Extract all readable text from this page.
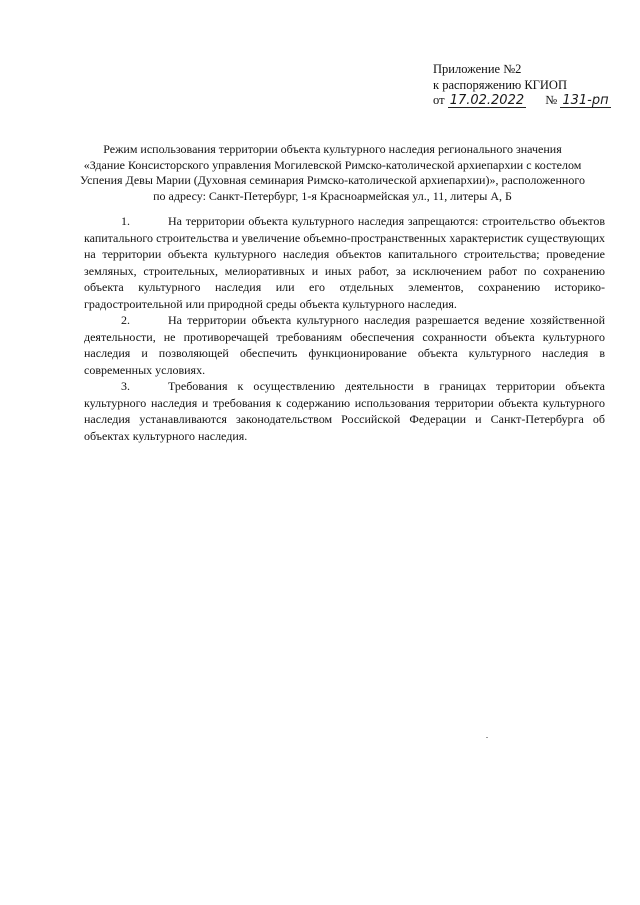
Приложение №2
к распоряжению КГИОП
от 17.02.2022 № 131-рп
Режим использования территории объекта культурного наследия регионального значения
«Здание Консисторского управления Могилевской Римско-католической архиепархии с костелом
Успения Девы Марии (Духовная семинария Римско-католической архиепархии)», расположенного
по адресу: Санкт-Петербург, 1-я Красноармейская ул., 11, литеры А, Б

1.	На территории объекта культурного наследия запрещаются: строительство объектов капитального строительства и увеличение объемно-пространственных характеристик существующих на территории объекта культурного наследия объектов капитального строительства; проведение земляных, строительных, мелиоративных и иных работ, за исключением работ по сохранению объекта культурного наследия или его отдельных элементов, сохранению историко-градостроительной или природной среды объекта культурного наследия.

2.	На территории объекта культурного наследия разрешается ведение хозяйственной деятельности, не противоречащей требованиям обеспечения сохранности объекта культурного наследия и позволяющей обеспечить функционирование объекта культурного наследия в современных условиях.

3.	Требования к осуществлению деятельности в границах территории объекта культурного наследия и требования к содержанию использования территории объекта культурного наследия устанавливаются законодательством Российской Федерации и Санкт-Петербурга об объектах культурного наследия.
